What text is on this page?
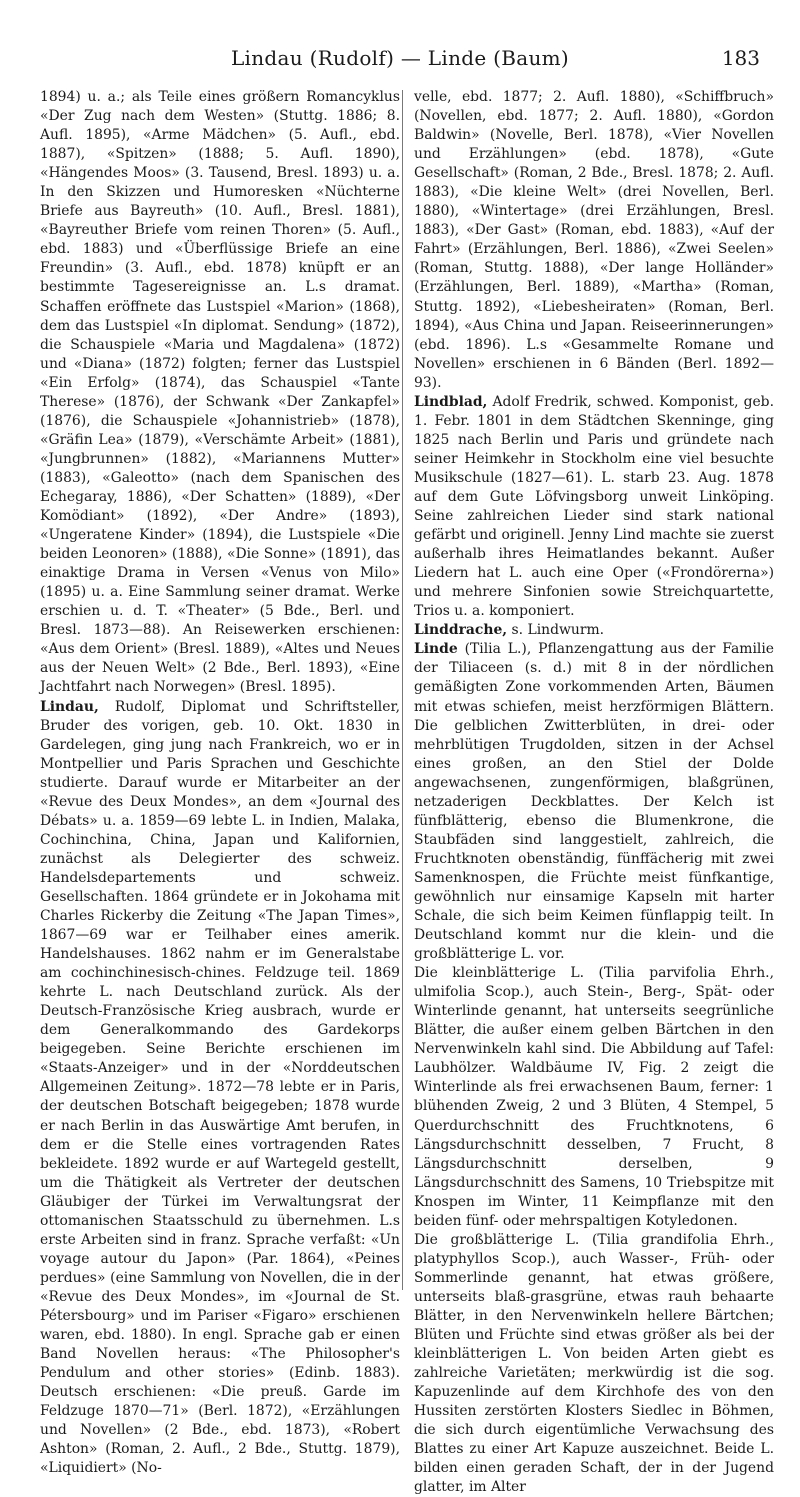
Lindau (Rudolf) — Linde (Baum)	183

1894) u. a.; als Teile eines größern Romancyklus «Der Zug nach dem Westen» (Stuttg. 1886; 8. Aufl. 1895), «Arme Mädchen» (5. Aufl., ebd. 1887), «Spitzen» (1888; 5. Aufl. 1890), «Hängendes Moos» (3. Tausend, Bresl. 1893) u. a. In den Skizzen und Humoresken «Nüchterne Briefe aus Bayreuth» (10. Aufl., Bresl. 1881), «Bayreuther Briefe vom reinen Thoren» (5. Aufl., ebd. 1883) und «Überflüssige Briefe an eine Freundin» (3. Aufl., ebd. 1878) knüpft er an bestimmte Tagesereignisse an. L.s dramat. Schaffen eröffnete das Lustspiel «Marion» (1868), dem das Lustspiel «In diplomat. Sendung» (1872), die Schauspiele «Maria und Magdalena» (1872) und «Diana» (1872) folgten; ferner das Lustspiel «Ein Erfolg» (1874), das Schauspiel «Tante Therese» (1876), der Schwank «Der Zankapfel» (1876), die Schauspiele «Johannistrieb» (1878), «Gräfin Lea» (1879), «Verschämte Arbeit» (1881), «Jungbrunnen» (1882), «Mariannens Mutter» (1883), «Galeotto» (nach dem Spanischen des Echegaray, 1886), «Der Schatten» (1889), «Der Komödiant» (1892), «Der Andre» (1893), «Ungeratene Kinder» (1894), die Lustspiele «Die beiden Leonoren» (1888), «Die Sonne» (1891), das einaktige Drama in Versen «Venus von Milo» (1895) u. a. Eine Sammlung seiner dramat. Werke erschien u. d. T. «Theater» (5 Bde., Berl. und Bresl. 1873—88). An Reisewerken erschienen: «Aus dem Orient» (Bresl. 1889), «Altes und Neues aus der Neuen Welt» (2 Bde., Berl. 1893), «Eine Jachtfahrt nach Norwegen» (Bresl. 1895).

Lindau, Rudolf, Diplomat und Schriftsteller, Bruder des vorigen, geb. 10. Okt. 1830 in Gardelegen, ging jung nach Frankreich, wo er in Montpellier und Paris Sprachen und Geschichte studierte. Darauf wurde er Mitarbeiter an der «Revue des Deux Mondes», an dem «Journal des Débats» u. a. 1859—69 lebte L. in Indien, Malaka, Cochinchina, China, Japan und Kalifornien, zunächst als Delegierter des schweiz. Handelsdepartements und schweiz. Gesellschaften. 1864 gründete er in Jokohama mit Charles Rickerby die Zeitung «The Japan Times», 1867—69 war er Teilhaber eines amerik. Handelshauses. 1862 nahm er im Generalstabe am cochinchinesisch-chines. Feldzuge teil. 1869 kehrte L. nach Deutschland zurück. Als der Deutsch-Französische Krieg ausbrach, wurde er dem Generalkommando des Gardekorps beigegeben. Seine Berichte erschienen im «Staats-Anzeiger» und in der «Norddeutschen Allgemeinen Zeitung». 1872—78 lebte er in Paris, der deutschen Botschaft beigegeben; 1878 wurde er nach Berlin in das Auswärtige Amt berufen, in dem er die Stelle eines vortragenden Rates bekleidete. 1892 wurde er auf Wartegeld gestellt, um die Thätigkeit als Vertreter der deutschen Gläubiger der Türkei im Verwaltungsrat der ottomanischen Staatsschuld zu übernehmen. L.s erste Arbeiten sind in franz. Sprache verfaßt: «Un voyage autour du Japon» (Par. 1864), «Peines perdues» (eine Sammlung von Novellen, die in der «Revue des Deux Mondes», im «Journal de St. Pétersbourg» und im Pariser «Figaro» erschienen waren, ebd. 1880). In engl. Sprache gab er einen Band Novellen heraus: «The Philosopher's Pendulum and other stories» (Edinb. 1883). Deutsch erschienen: «Die preuß. Garde im Feldzuge 1870—71» (Berl. 1872), «Erzählungen und Novellen» (2 Bde., ebd. 1873), «Robert Ashton» (Roman, 2. Aufl., 2 Bde., Stuttg. 1879), «Liquidiert» (No-

velle, ebd. 1877; 2. Aufl. 1880), «Schiffbruch» (Novellen, ebd. 1877; 2. Aufl. 1880), «Gordon Baldwin» (Novelle, Berl. 1878), «Vier Novellen und Erzählungen» (ebd. 1878), «Gute Gesellschaft» (Roman, 2 Bde., Bresl. 1878; 2. Aufl. 1883), «Die kleine Welt» (drei Novellen, Berl. 1880), «Wintertage» (drei Erzählungen, Bresl. 1883), «Der Gast» (Roman, ebd. 1883), «Auf der Fahrt» (Erzählungen, Berl. 1886), «Zwei Seelen» (Roman, Stuttg. 1888), «Der lange Holländer» (Erzählungen, Berl. 1889), «Martha» (Roman, Stuttg. 1892), «Liebesheiraten» (Roman, Berl. 1894), «Aus China und Japan. Reiseerinnerungen» (ebd. 1896). L.s «Gesammelte Romane und Novellen» erschienen in 6 Bänden (Berl. 1892—93).

Lindblad, Adolf Fredrik, schwed. Komponist, geb. 1. Febr. 1801 in dem Städtchen Skenninge, ging 1825 nach Berlin und Paris und gründete nach seiner Heimkehr in Stockholm eine viel besuchte Musikschule (1827—61). L. starb 23. Aug. 1878 auf dem Gute Löfvingsborg unweit Linköping. Seine zahlreichen Lieder sind stark national gefärbt und originell. Jenny Lind machte sie zuerst außerhalb ihres Heimatlandes bekannt. Außer Liedern hat L. auch eine Oper («Frondörerna») und mehrere Sinfonien sowie Streichquartette, Trios u. a. komponiert.

Linddrache, s. Lindwurm.

Linde (Tilia L.), Pflanzengattung aus der Familie der Tiliaceen (s. d.) mit 8 in der nördlichen gemäßigten Zone vorkommenden Arten, Bäumen mit etwas schiefen, meist herzförmigen Blättern. Die gelblichen Zwitterblüten, in drei- oder mehrblütigen Trugdolden, sitzen in der Achsel eines großen, an den Stiel der Dolde angewachsenen, zungenförmigen, blaßgrünen, netzaderigen Deckblattes. Der Kelch ist fünfblätterig, ebenso die Blumenkrone, die Staubfäden sind langgestielt, zahlreich, die Fruchtknoten obenständig, fünffächerig mit zwei Samenknospen, die Früchte meist fünfkantige, gewöhnlich nur einsamige Kapseln mit harter Schale, die sich beim Keimen fünflappig teilt. In Deutschland kommt nur die klein- und die großblätterige L. vor.

Die kleinblätterige L. (Tilia parvifolia Ehrh., ulmifolia Scop.), auch Stein-, Berg-, Spät- oder Winterlinde genannt, hat unterseits seegrünliche Blätter, die außer einem gelben Bärtchen in den Nervenwinkeln kahl sind. Die Abbildung auf Tafel: Laubhölzer. Waldbäume IV, Fig. 2 zeigt die Winterlinde als frei erwachsenen Baum, ferner: 1 blühenden Zweig, 2 und 3 Blüten, 4 Stempel, 5 Querdurchschnitt des Fruchtknotens, 6 Längsdurchschnitt desselben, 7 Frucht, 8 Längsdurchschnitt derselben, 9 Längsdurchschnitt des Samens, 10 Triebspitze mit Knospen im Winter, 11 Keimpflanze mit den beiden fünf- oder mehrspaltigen Kotyledonen.

Die großblätterige L. (Tilia grandifolia Ehrh., platyphyllos Scop.), auch Wasser-, Früh- oder Sommerlinde genannt, hat etwas größere, unterseits blaß-grasgrüne, etwas rauh behaarte Blätter, in den Nervenwinkeln hellere Bärtchen; Blüten und Früchte sind etwas größer als bei der kleinblätterigen L. Von beiden Arten giebt es zahlreiche Varietäten; merkwürdig ist die sog. Kapuzenlinde auf dem Kirchhofe des von den Hussiten zerstörten Klosters Siedlec in Böhmen, die sich durch eigentümliche Verwachsung des Blattes zu einer Art Kapuze auszeichnet. Beide L. bilden einen geraden Schaft, der in der Jugend glatter, im Alter
